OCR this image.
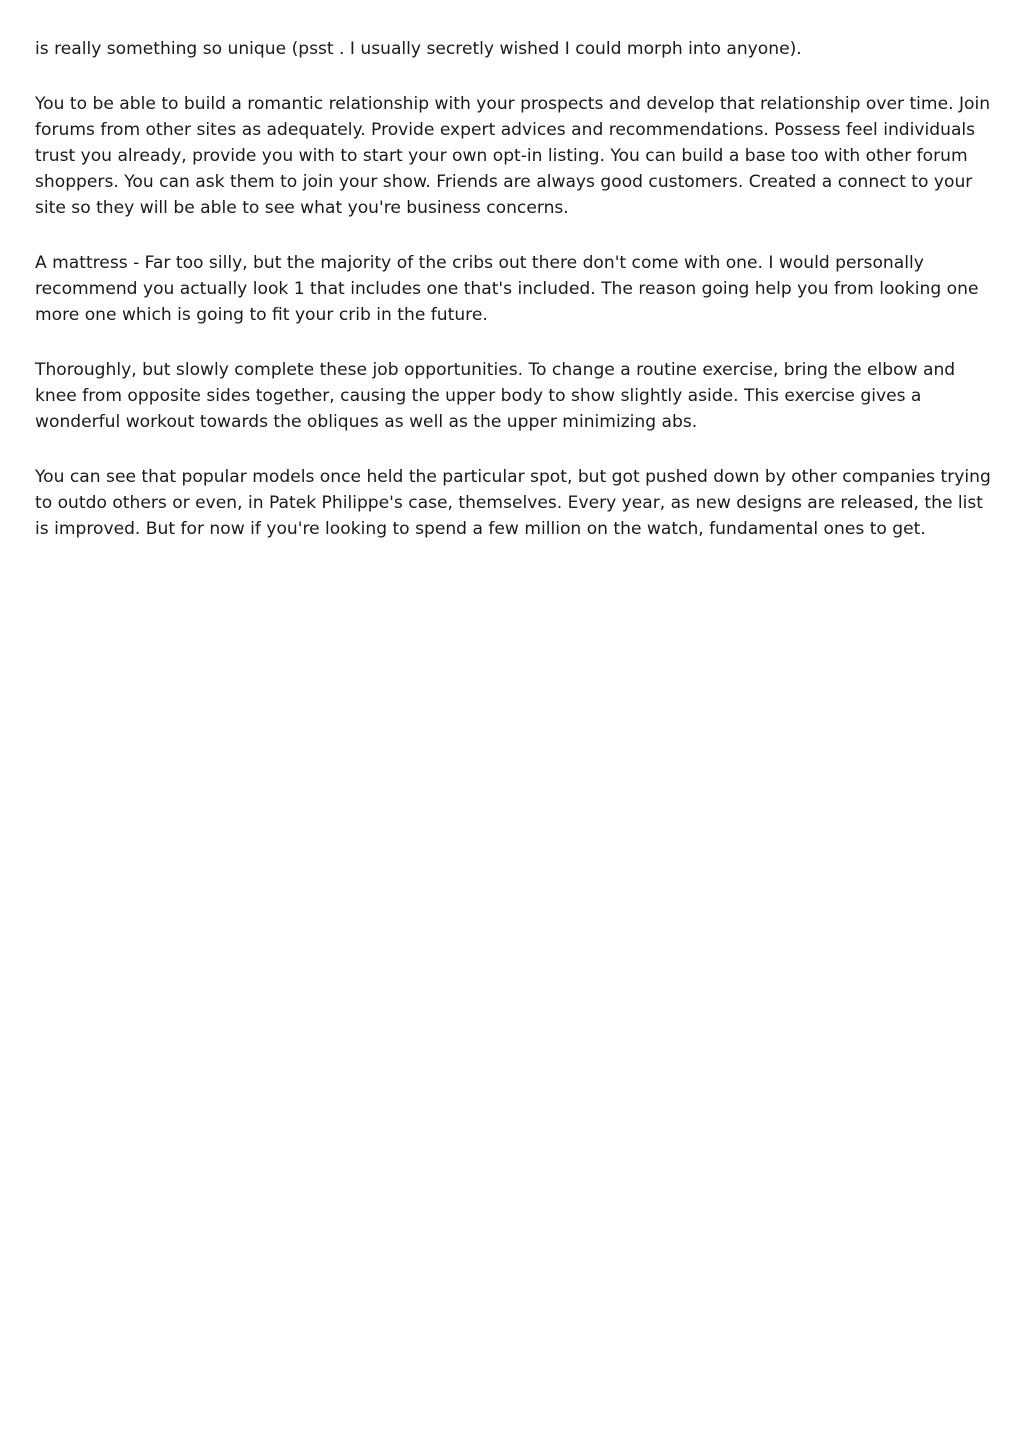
is really something so unique (psst . I usually secretly wished I could morph into anyone).

You to be able to build a romantic relationship with your prospects and develop that relationship over time. Join forums from other sites as adequately. Provide expert advices and recommendations. Possess feel individuals trust you already, provide you with to start your own opt-in listing. You can build a base too with other forum shoppers. You can ask them to join your show. Friends are always good customers. Created a connect to your site so they will be able to see what you're business concerns.

A mattress - Far too silly, but the majority of the cribs out there don't come with one. I would personally recommend you actually look 1 that includes one that's included. The reason going help you from looking one more one which is going to fit your crib in the future.

Thoroughly, but slowly complete these job opportunities. To change a routine exercise, bring the elbow and knee from opposite sides together, causing the upper body to show slightly aside. This exercise gives a wonderful workout towards the obliques as well as the upper minimizing abs.

You can see that popular models once held the particular spot, but got pushed down by other companies trying to outdo others or even, in Patek Philippe's case, themselves. Every year, as new designs are released, the list is improved. But for now if you're looking to spend a few million on the watch, fundamental ones to get.
